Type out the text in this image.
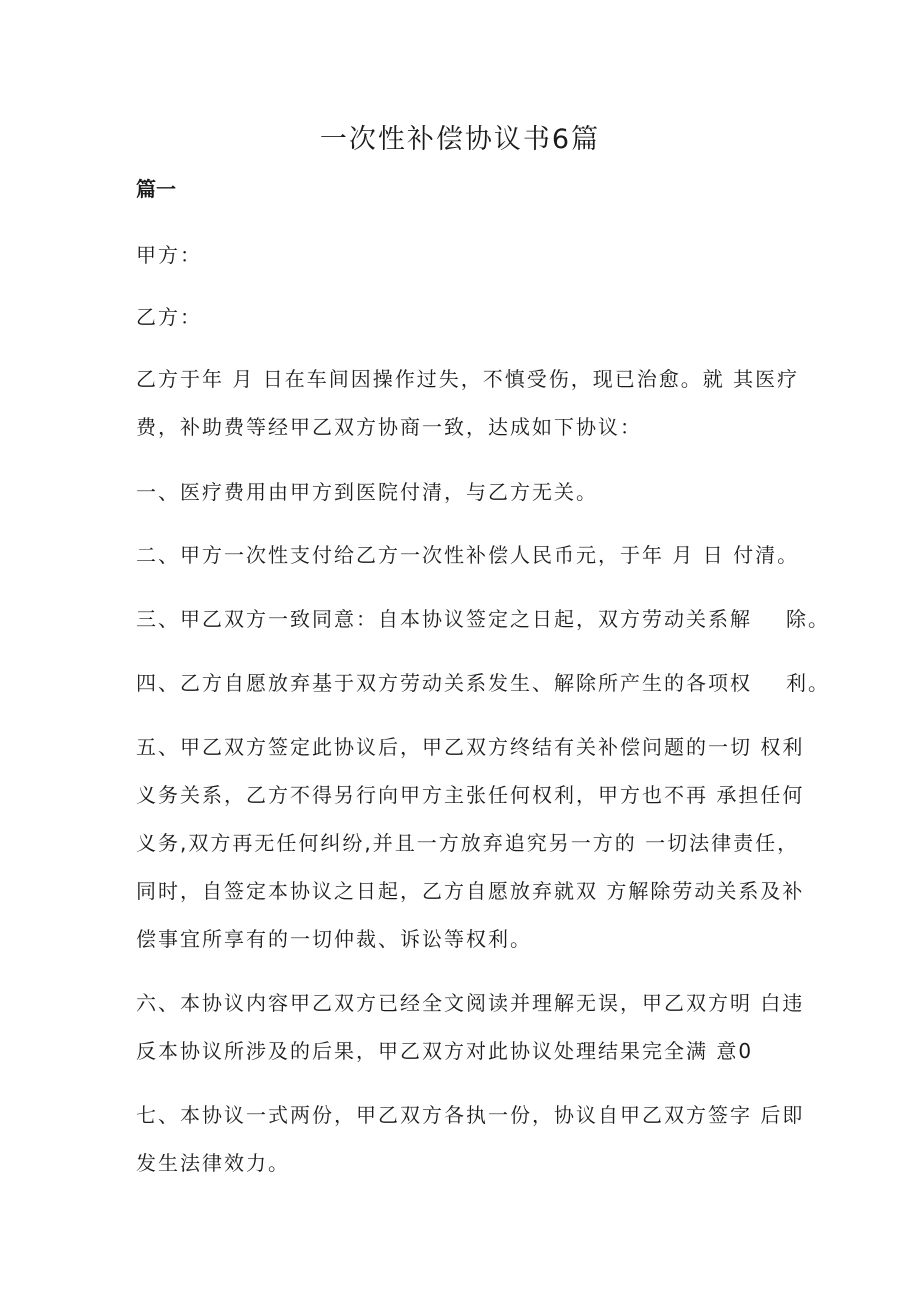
一次性补偿协议书6篇
篇一
甲方：
乙方：
乙方于年 月 日在车间因操作过失，不慎受伤，现已治愈。就 其医疗
费，补助费等经甲乙双方协商一致，达成如下协议：
一、医疗费用由甲方到医院付清，与乙方无关。
二、甲方一次性支付给乙方一次性补偿人民币元，于年 月 日 付清。
三、甲乙双方一致同意：自本协议签定之日起，双方劳动关系解 除。
四、乙方自愿放弃基于双方劳动关系发生、解除所产生的各项权 利。
五、甲乙双方签定此协议后，甲乙双方终结有关补偿问题的一切 权利
义务关系，乙方不得另行向甲方主张任何权利，甲方也不再 承担任何
义务,双方再无任何纠纷,并且一方放弃追究另一方的 一切法律责任，
同时，自签定本协议之日起，乙方自愿放弃就双 方解除劳动关系及补
偿事宜所享有的一切仲裁、诉讼等权利。
六、本协议内容甲乙双方已经全文阅读并理解无误，甲乙双方明 白违
反本协议所涉及的后果，甲乙双方对此协议处理结果完全满 意0
七、本协议一式两份，甲乙双方各执一份，协议自甲乙双方签字 后即
发生法律效力。
